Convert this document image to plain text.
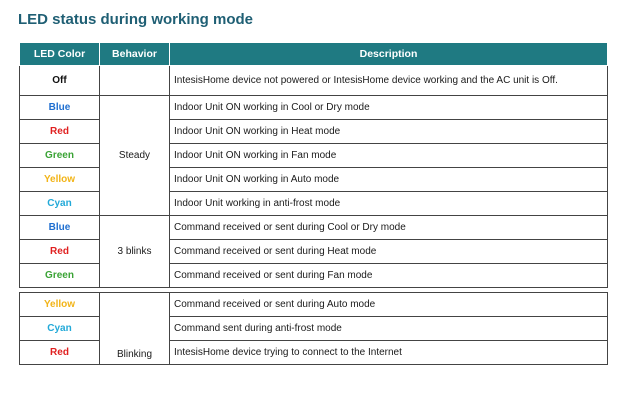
LED status during working mode
LED Color	Behavior	Description
Off		IntesisHome device not powered or IntesisHome device working and the AC unit is Off.
Blue	Steady	Indoor Unit ON working in Cool or Dry mode
Red		Indoor Unit ON working in Heat mode
Green		Indoor Unit ON working in Fan mode
Yellow		Indoor Unit ON working in Auto mode
Cyan		Indoor Unit working in anti-frost mode
Blue	3 blinks	Command received or sent during Cool or Dry mode
Red		Command received or sent during Heat mode
Green		Command received or sent during Fan mode
Yellow	Blinking	Command received or sent during Auto mode
Cyan		Command sent during anti-frost mode
Red		IntesisHome device trying to connect to the Internet
